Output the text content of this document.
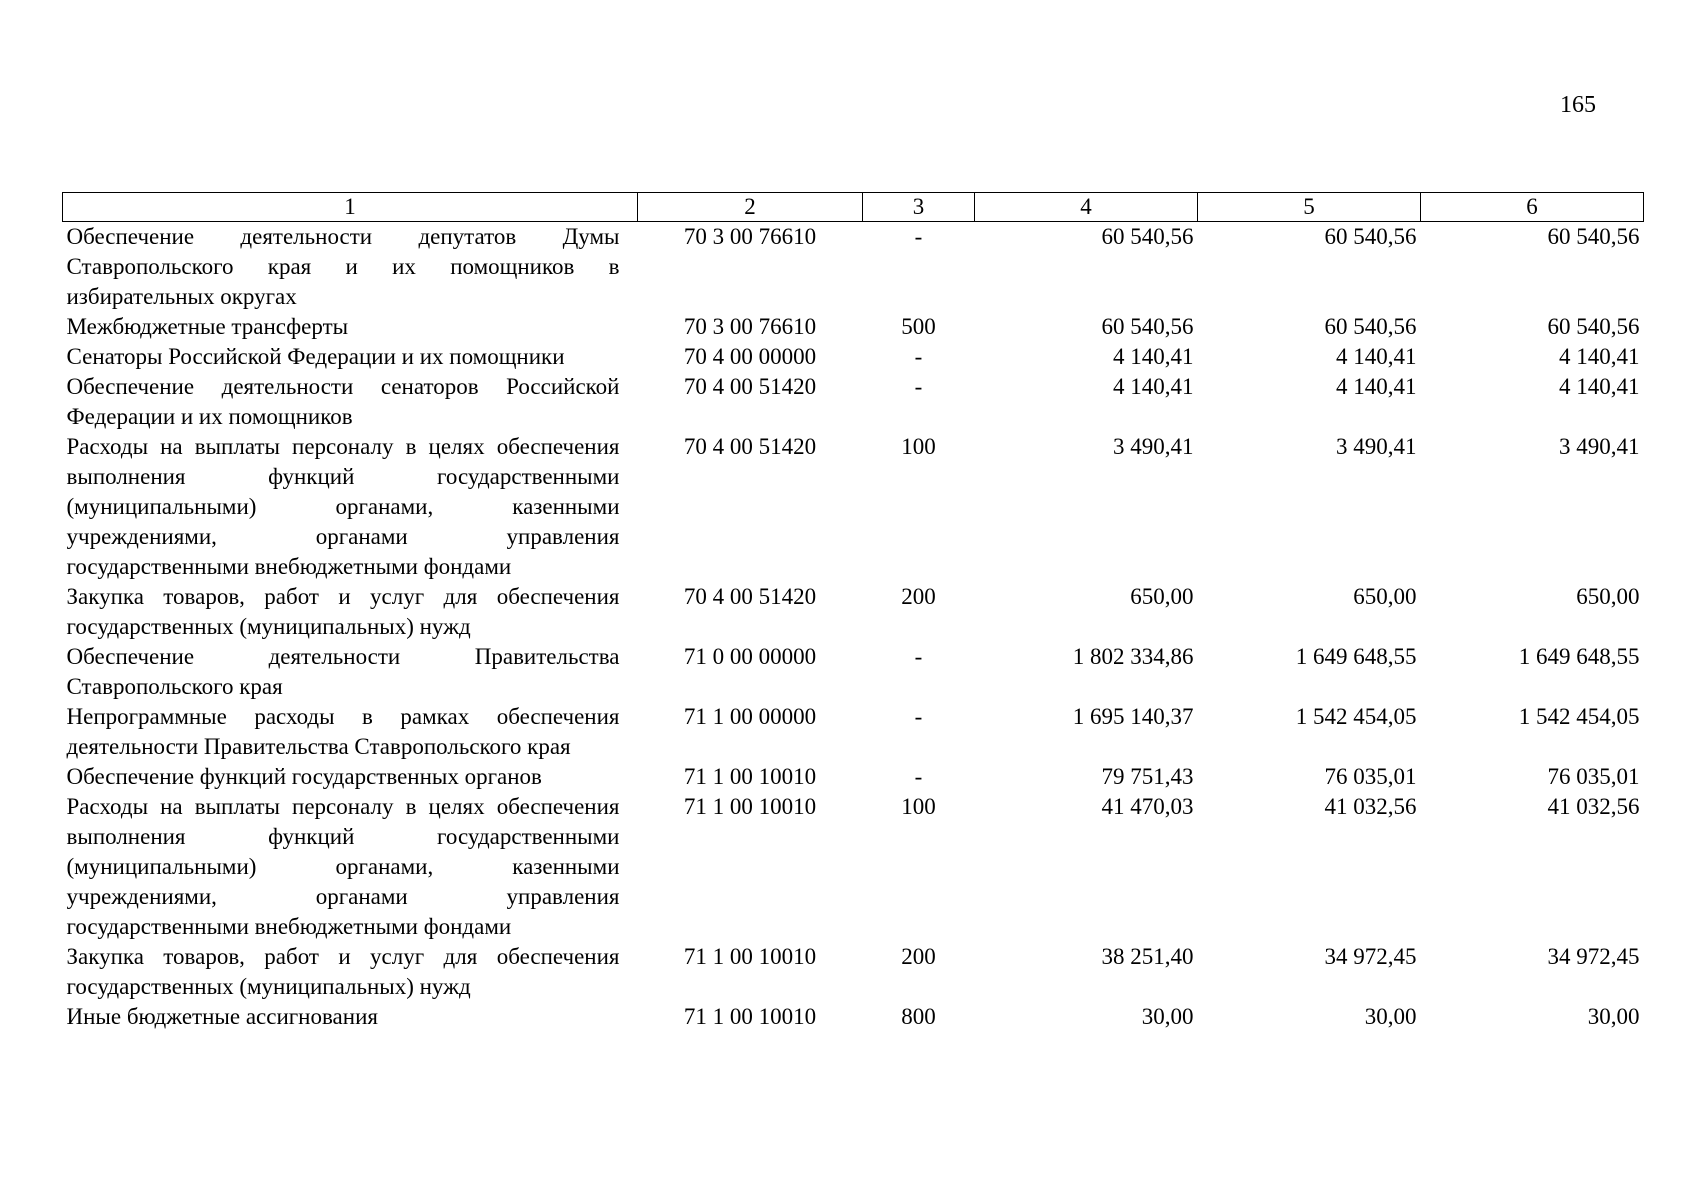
165
1	2	3	4	5	6
Обеспечение деятельности депутатов Думы Ставропольского края и их помощников в избирательных округах	70 3 00 76610	-	60 540,56	60 540,56	60 540,56
Межбюджетные трансферты	70 3 00 76610	500	60 540,56	60 540,56	60 540,56
Сенаторы Российской Федерации и их помощники	70 4 00 00000	-	4 140,41	4 140,41	4 140,41
Обеспечение деятельности сенаторов Российской Федерации и их помощников	70 4 00 51420	-	4 140,41	4 140,41	4 140,41
Расходы на выплаты персоналу в целях обеспечения выполнения функций государственными (муниципальными) органами, казенными учреждениями, органами управления государственными внебюджетными фондами	70 4 00 51420	100	3 490,41	3 490,41	3 490,41
Закупка товаров, работ и услуг для обеспечения государственных (муниципальных) нужд	70 4 00 51420	200	650,00	650,00	650,00
Обеспечение деятельности Правительства Ставропольского края	71 0 00 00000	-	1 802 334,86	1 649 648,55	1 649 648,55
Непрограммные расходы в рамках обеспечения деятельности Правительства Ставропольского края	71 1 00 00000	-	1 695 140,37	1 542 454,05	1 542 454,05
Обеспечение функций государственных органов	71 1 00 10010	-	79 751,43	76 035,01	76 035,01
Расходы на выплаты персоналу в целях обеспечения выполнения функций государственными (муниципальными) органами, казенными учреждениями, органами управления государственными внебюджетными фондами	71 1 00 10010	100	41 470,03	41 032,56	41 032,56
Закупка товаров, работ и услуг для обеспечения государственных (муниципальных) нужд	71 1 00 10010	200	38 251,40	34 972,45	34 972,45
Иные бюджетные ассигнования	71 1 00 10010	800	30,00	30,00	30,00
